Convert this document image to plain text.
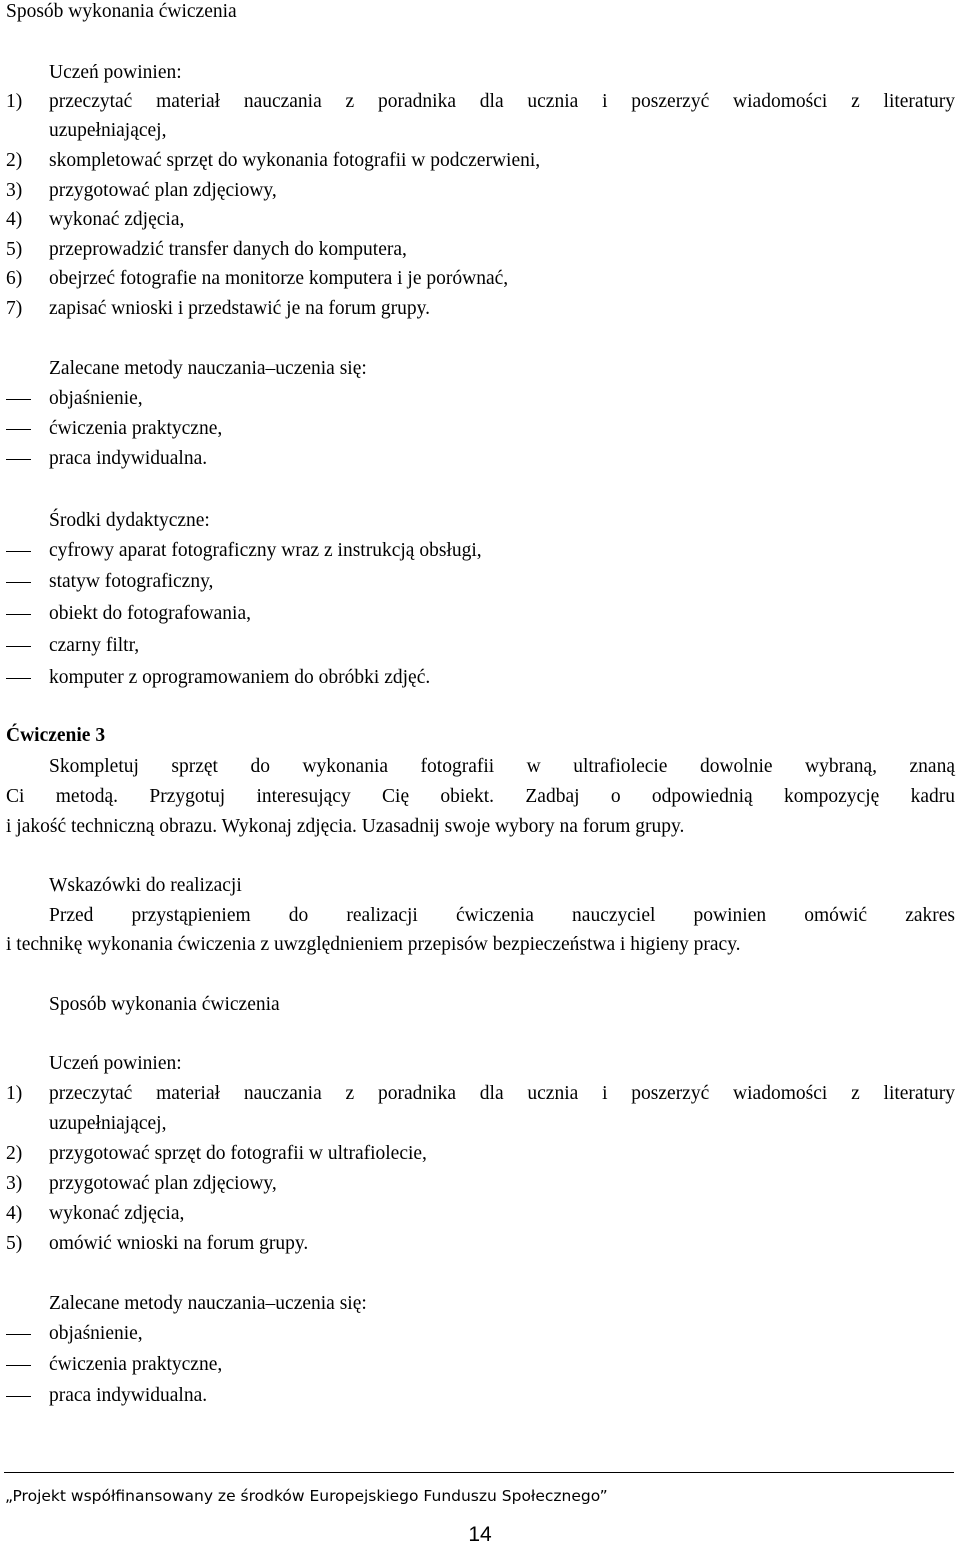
Sposób wykonania ćwiczenia
Uczeń powinien:
1)	przeczytać materiał nauczania z poradnika dla ucznia i poszerzyć wiadomości z literatury
uzupełniającej,
2)	skompletować sprzęt do wykonania fotografii w podczerwieni,
3)	przygotować plan zdjęciowy,
4)	wykonać zdjęcia,
5)	przeprowadzić transfer danych do komputera,
6)	obejrzeć fotografie na monitorze komputera i je porównać,
7)	zapisać wnioski i przedstawić je na forum grupy.
Zalecane metody nauczania–uczenia się:
objaśnienie,
ćwiczenia praktyczne,
praca indywidualna.
Środki dydaktyczne:
cyfrowy aparat fotograficzny wraz z instrukcją obsługi,
statyw fotograficzny,
obiekt do fotografowania,
czarny filtr,
komputer z oprogramowaniem do obróbki zdjęć.
Ćwiczenie 3
Skompletuj sprzęt do wykonania fotografii w ultrafiolecie dowolnie wybraną, znaną
Ci metodą. Przygotuj interesujący Cię obiekt. Zadbaj o odpowiednią kompozycję kadru
i jakość techniczną obrazu. Wykonaj zdjęcia. Uzasadnij swoje wybory na forum grupy.
Wskazówki do realizacji
Przed przystąpieniem do realizacji ćwiczenia nauczyciel powinien omówić zakres
i technikę wykonania ćwiczenia z uwzględnieniem przepisów bezpieczeństwa i higieny pracy.
Sposób wykonania ćwiczenia
Uczeń powinien:
1)	przeczytać materiał nauczania z poradnika dla ucznia i poszerzyć wiadomości z literatury
uzupełniającej,
2)	przygotować sprzęt do fotografii w ultrafiolecie,
3)	przygotować plan zdjęciowy,
4)	wykonać zdjęcia,
5)	omówić wnioski na forum grupy.
Zalecane metody nauczania–uczenia się:
objaśnienie,
ćwiczenia praktyczne,
praca indywidualna.
„Projekt współfinansowany ze środków Europejskiego Funduszu Społecznego”
14
